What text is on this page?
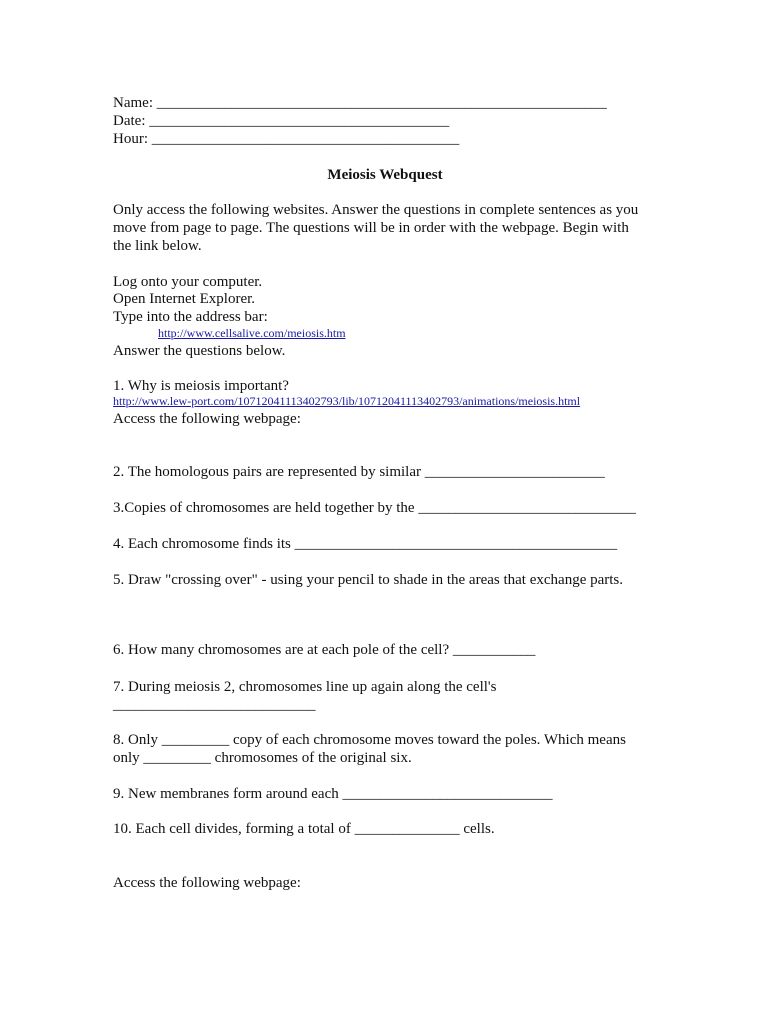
Name: ____________________________________________________________
Date: ________________________________________
Hour: _________________________________________
Meiosis Webquest
Only access the following websites. Answer the questions in complete sentences as you
move from page to page. The questions will be in order with the webpage. Begin with
the link below.
Log onto your computer.
Open Internet Explorer.
Type into the address bar:
http://www.cellsalive.com/meiosis.htm
Answer the questions below.
1. Why is meiosis important?
http://www.lew-port.com/10712041113402793/lib/10712041113402793/animations/meiosis.html
Access the following webpage:
2. The homologous pairs are represented by similar ________________________
3.Copies of chromosomes are held together by the _____________________________
4. Each chromosome finds its ___________________________________________
5. Draw "crossing over" - using your pencil to shade in the areas that exchange parts.
6. How many chromosomes are at each pole of the cell? ___________
7. During meiosis 2, chromosomes line up again along the cell's
___________________________
8. Only _________ copy of each chromosome moves toward the poles. Which means
only _________ chromosomes of the original six.
9. New membranes form around each ____________________________
10. Each cell divides, forming a total of ______________ cells.
Access the following webpage:
